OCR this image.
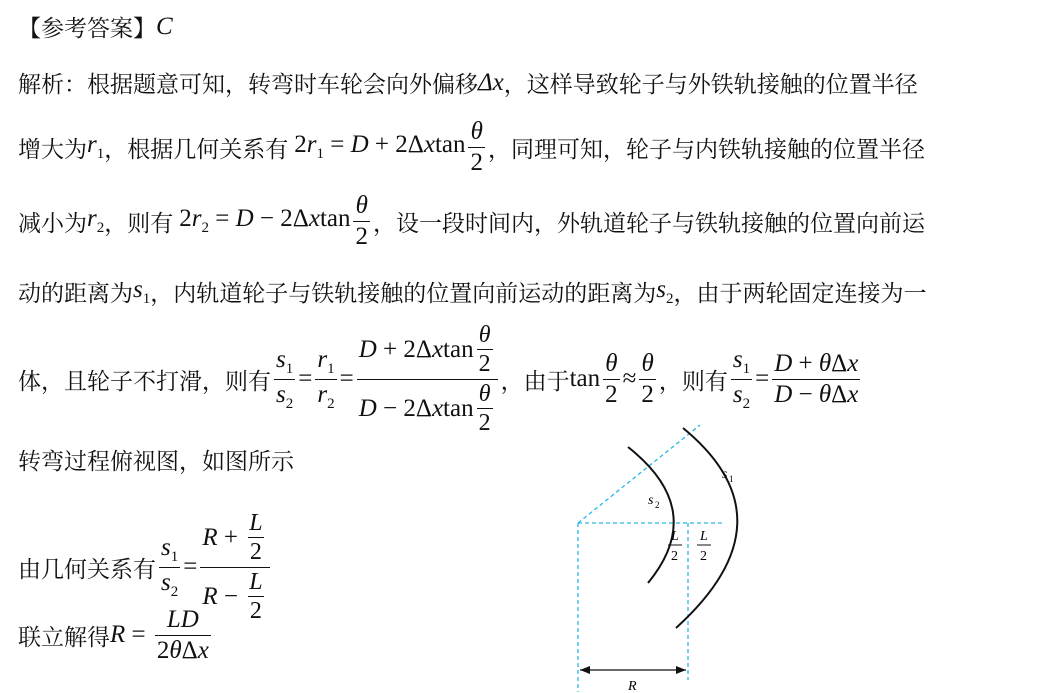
【参考答案】 C
解析：根据题意可知，转弯时车轮会向外偏移 Δx ，这样导致轮子与外铁轨接触的位置半径
增大为 $r_1$ ，根据几何关系有 $2r_1 = D + 2\Delta xtan \frac{\theta}{2}$ ，同理可知，轮子与内铁轨接触的位置半径
减小为 $r_2$ ，则有 $2r_2 = D - 2\Delta xtan \frac{\theta}{2}$ ，设一段时间内，外轨道轮子与铁轨接触的位置向前运
动的距离为 $s_1$ ，内轨道轮子与铁轨接触的位置向前运动的距离为 $s_2$ ，由于两轮固定连接为一
体，且轮子不打滑，则有 $\frac{s_1}{s_2} = \frac{r_1}{r_2} = \frac{D + 2\Delta x \tan \frac{\theta}{2}}{D - 2\Delta x \tan \frac{\theta}{2}}$ ，由于 $\tan \frac{\theta}{2} \approx \frac{\theta}{2}$ ，则有 $\frac{s_1}{s_2} = \frac{\text{D + θΔx}}{\text{D − θΔx}}$
转弯过程俯视图，如图所示
由几何关系有 $\frac{s_1}{s_2} = \frac{R + \frac{L}{2}}{R - \frac{L}{2}}$
联立解得 $R = \frac{LD}{\text{2θΔx}}$
s 1
s 2
L
2
L
2
R
